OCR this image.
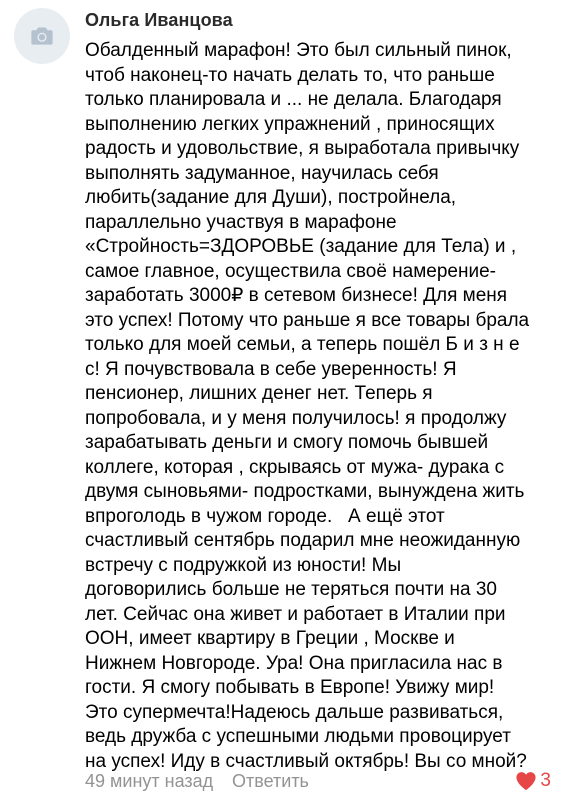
Ольга Иванцова
Обалденный марафон! Это был сильный пинок,
чтоб наконец-то начать делать то, что раньше
только планировала и ... не делала. Благодаря
выполнению легких упражнений , приносящих
радость и удовольствие, я выработала привычку
выполнять задуманное, научилась себя
любить(задание для Души), постройнела,
параллельно участвуя в марафоне
«Стройность=ЗДОРОВЬЕ (задание для Тела) и ,
самое главное, осуществила своё намерение-
заработать 3000₽ в сетевом бизнесе! Для меня
это успех! Потому что раньше я все товары брала
только для моей семьи, а теперь пошёл Б и з н е
с! Я почувствовала в себе уверенность! Я
пенсионер, лишних денег нет. Теперь я
попробовала, и у меня получилось! я продолжу
зарабатывать деньги и смогу помочь бывшей
коллеге, которая , скрываясь от мужа- дурака с
двумя сыновьями- подростками, вынуждена жить
впроголодь в чужом городе.   А ещё этот
счастливый сентябрь подарил мне неожиданную
встречу с подружкой из юности! Мы
договорились больше не теряться почти на 30
лет. Сейчас она живет и работает в Италии при
ООН, имеет квартиру в Греции , Москве и
Нижнем Новгороде. Ура! Она пригласила нас в
гости. Я смогу побывать в Европе! Увижу мир!
Это супермечта!Надеюсь дальше развиваться,
ведь дружба с успешными людьми провоцирует
на успех! Иду в счастливый октябрь! Вы со мной?
49 минут назад Ответить	3
